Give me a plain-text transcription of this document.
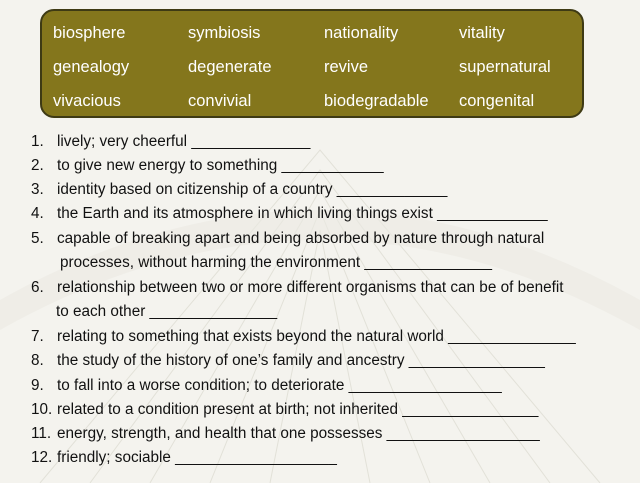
biosphere	symbiosis	nationality	vitality
genealogy	degenerate	revive	supernatural
vivacious	convivial	biodegradable congenital
1. lively; very cheerful ______________
2. to give new energy to something ____________
3. identity based on citizenship of a country _____________
4. the Earth and its atmosphere in which living things exist _____________
5. capable of breaking apart and being absorbed by nature through natural
processes, without harming the environment _______________
6. relationship between two or more different organisms that can be of benefit
to each other _______________
7. relating to something that exists beyond the natural world _______________
8. the study of the history of one’s family and ancestry ________________
9. to fall into a worse condition; to deteriorate __________________
10. related to a condition present at birth; not inherited ________________
11. energy, strength, and health that one possesses __________________
12. friendly; sociable ___________________
